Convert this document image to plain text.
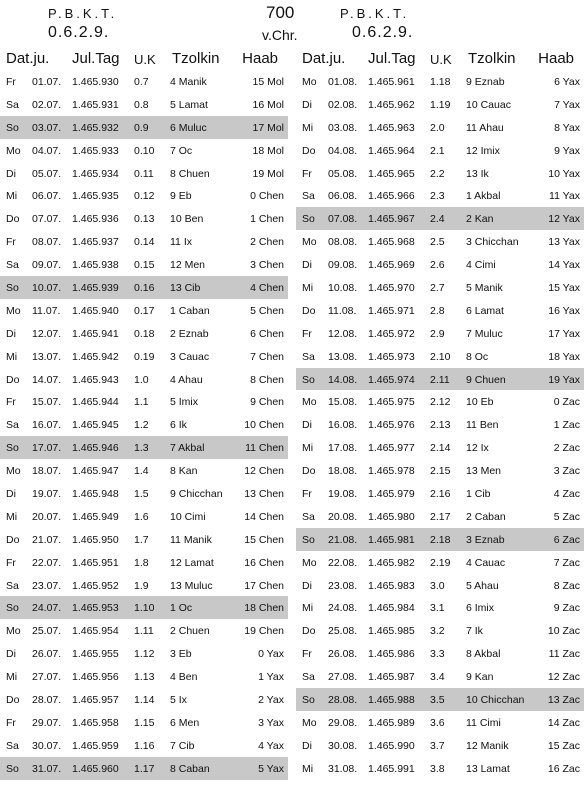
P.B.K.T.
0.6.2.9.
700
v.Chr.
P.B.K.T.
0.6.2.9.
Dat.ju. Jul.Tag U.K Tzolkin Haab
Fr 01.07. 1.465.930 0.7 4 Manik	15 Mol
Sa 02.07. 1.465.931 0.8 5 Lamat	16 Mol
So 03.07. 1.465.932 0.9 6 Muluc	17 Mol
Mo 04.07. 1.465.933 0.10 7 Oc	18 Mol
Di 05.07. 1.465.934 0.11 8 Chuen	19 Mol
Mi 06.07. 1.465.935 0.12 9 Eb	0 Chen
Do 07.07. 1.465.936 0.13 10 Ben	1 Chen
Fr 08.07. 1.465.937 0.14 11 Ix	2 Chen
Sa 09.07. 1.465.938 0.15 12 Men	3 Chen
So 10.07. 1.465.939 0.16 13 Cib	4 Chen
Mo 11.07. 1.465.940 0.17 1 Caban	5 Chen
Di 12.07. 1.465.941 0.18 2 Eznab	6 Chen
Mi 13.07. 1.465.942 0.19 3 Cauac	7 Chen
Do 14.07. 1.465.943 1.0 4 Ahau	8 Chen
Fr 15.07. 1.465.944 1.1 5 Imix	9 Chen
Sa 16.07. 1.465.945 1.2 6 Ik	10 Chen
So 17.07. 1.465.946 1.3 7 Akbal	11 Chen
Mo 18.07. 1.465.947 1.4 8 Kan	12 Chen
Di 19.07. 1.465.948 1.5 9 Chicchan 13 Chen
Mi 20.07. 1.465.949 1.6 10 Cimi	14 Chen
Do 21.07. 1.465.950 1.7 11 Manik	15 Chen
Fr 22.07. 1.465.951 1.8 12 Lamat	16 Chen
Sa 23.07. 1.465.952 1.9 13 Muluc	17 Chen
So 24.07. 1.465.953 1.10 1 Oc	18 Chen
Mo 25.07. 1.465.954 1.11 2 Chuen	19 Chen
Di 26.07. 1.465.955 1.12 3 Eb	0 Yax
Mi 27.07. 1.465.956 1.13 4 Ben	1 Yax
Do 28.07. 1.465.957 1.14 5 Ix	2 Yax
Fr 29.07. 1.465.958 1.15 6 Men	3 Yax
Sa 30.07. 1.465.959 1.16 7 Cib	4 Yax
So 31.07. 1.465.960 1.17 8 Caban	5 Yax
Dat.ju. Jul.Tag U.K Tzolkin Haab
Mo 01.08. 1.465.961 1.18 9 Eznab	6 Yax
Di 02.08. 1.465.962 1.19 10 Cauac	7 Yax
Mi 03.08. 1.465.963 2.0 11 Ahau	8 Yax
Do 04.08. 1.465.964 2.1 12 Imix	9 Yax
Fr 05.08. 1.465.965 2.2 13 Ik	10 Yax
Sa 06.08. 1.465.966 2.3 1 Akbal	11 Yax
So 07.08. 1.465.967 2.4 2 Kan	12 Yax
Mo 08.08. 1.465.968 2.5 3 Chicchan	13 Yax
Di 09.08. 1.465.969 2.6 4 Cimi	14 Yax
Mi 10.08. 1.465.970 2.7 5 Manik	15 Yax
Do 11.08. 1.465.971 2.8 6 Lamat	16 Yax
Fr 12.08. 1.465.972 2.9 7 Muluc	17 Yax
Sa 13.08. 1.465.973 2.10 8 Oc	18 Yax
So 14.08. 1.465.974 2.11 9 Chuen	19 Yax
Mo 15.08. 1.465.975 2.12 10 Eb	0 Zac
Di 16.08. 1.465.976 2.13 11 Ben	1 Zac
Mi 17.08. 1.465.977 2.14 12 Ix	2 Zac
Do 18.08. 1.465.978 2.15 13 Men	3 Zac
Fr 19.08. 1.465.979 2.16 1 Cib	4 Zac
Sa 20.08. 1.465.980 2.17 2 Caban	5 Zac
So 21.08. 1.465.981 2.18 3 Eznab	6 Zac
Mo 22.08. 1.465.982 2.19 4 Cauac	7 Zac
Di 23.08. 1.465.983 3.0 5 Ahau	8 Zac
Mi 24.08. 1.465.984 3.1 6 Imix	9 Zac
Do 25.08. 1.465.985 3.2 7 Ik	10 Zac
Fr 26.08. 1.465.986 3.3 8 Akbal	11 Zac
Sa 27.08. 1.465.987 3.4 9 Kan	12 Zac
So 28.08. 1.465.988 3.5 10 Chicchan 13 Zac
Mo 29.08. 1.465.989 3.6 11 Cimi	14 Zac
Di 30.08. 1.465.990 3.7 12 Manik	15 Zac
Mi 31.08. 1.465.991 3.8 13 Lamat	16 Zac
